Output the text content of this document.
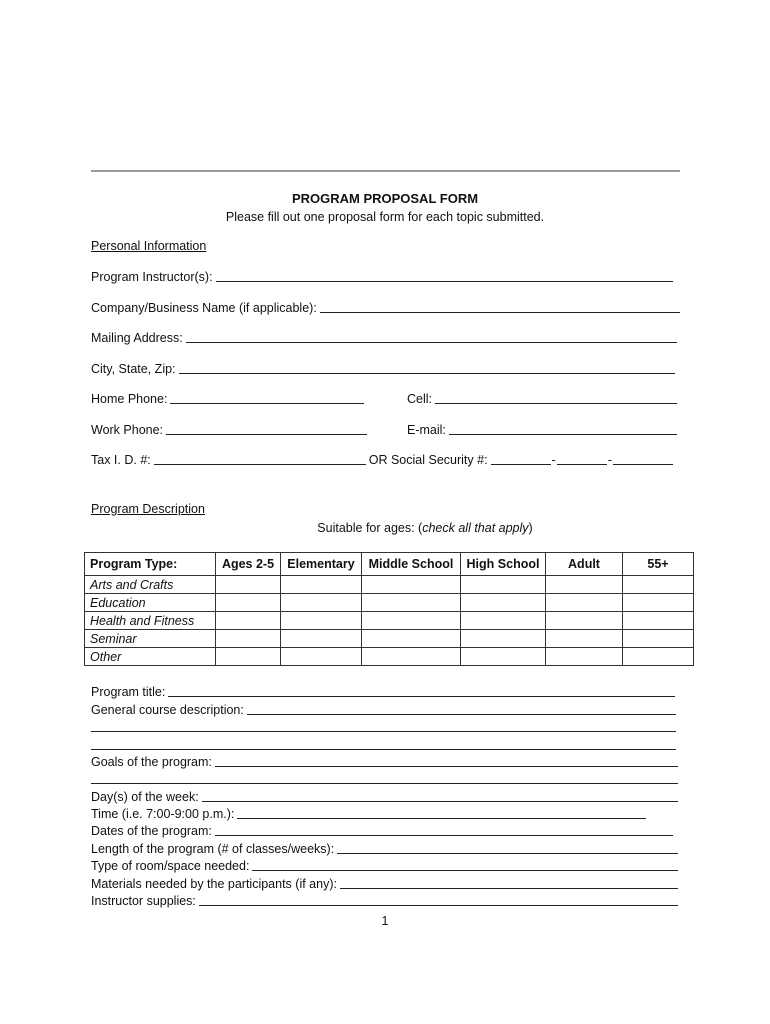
PROGRAM PROPOSAL FORM
Please fill out one proposal form for each topic submitted.
Personal Information
Program Instructor(s):
Company/Business Name (if applicable):
Mailing Address:
City, State, Zip:
Home Phone:	Cell:
Work Phone:	E-mail:
Tax I. D. #:	OR Social Security #:	-	-
Program Description
Suitable for ages: (check all that apply)
Program Type:	Ages 2-5	Elementary	Middle School	High School	Adult	55+
Arts and Crafts						
Education						
Health and Fitness						
Seminar						
Other						
Program title:
General course description:
Goals of the program:
Day(s) of the week:
Time (i.e. 7:00-9:00 p.m.):
Dates of the program:
Length of the program (# of classes/weeks):
Type of room/space needed:
Materials needed by the participants (if any):
Instructor supplies:
1
